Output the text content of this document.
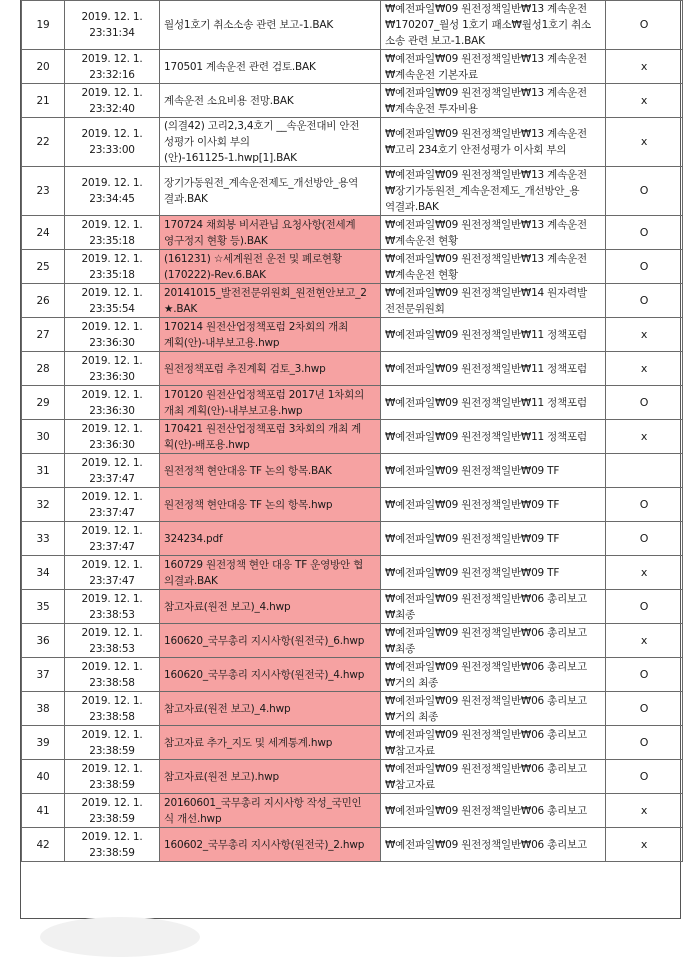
19	2019. 12. 1.
23:31:34	월성1호기 취소소송 관련 보고-1.BAK	₩예전파일₩09 원전정책일반₩13 계속운전
₩170207_월성 1호기 패소₩월성1호기 취소
소송 관련 보고-1.BAK	O
20	2019. 12. 1.
23:32:16	170501 계속운전 관련 검토.BAK	₩예전파일₩09 원전정책일반₩13 계속운전
₩계속운전 기본자료	x
21	2019. 12. 1.
23:32:40	계속운전 소요비용 전망.BAK	₩예전파일₩09 원전정책일반₩13 계속운전
₩계속운전 투자비용	x
22	2019. 12. 1.
23:33:00	(의결42) 고리2,3,4호기 __속운전대비 안전
성평가 이사회 부의
(안)-161125-1.hwp[1].BAK	₩예전파일₩09 원전정책일반₩13 계속운전
₩고리 234호기 안전성평가 이사회 부의	x
23	2019. 12. 1.
23:34:45	장기가동원전_계속운전제도_개선방안_용역
결과.BAK	₩예전파일₩09 원전정책일반₩13 계속운전
₩장기가동원전_계속운전제도_개선방안_용
역결과.BAK	O
24	2019. 12. 1.
23:35:18	170724 채희봉 비서관님 요청사항(전세계
영구정지 현황 등).BAK	₩예전파일₩09 원전정책일반₩13 계속운전
₩계속운전 현황	O
25	2019. 12. 1.
23:35:18	(161231) ☆세계원전 운전 및 폐로현황
(170222)-Rev.6.BAK	₩예전파일₩09 원전정책일반₩13 계속운전
₩계속운전 현황	O
26	2019. 12. 1.
23:35:54	20141015_발전전문위원회_원전현안보고_2
★.BAK	₩예전파일₩09 원전정책일반₩14 원자력발
전전문위원회	O
27	2019. 12. 1.
23:36:30	170214 원전산업정책포럼 2차회의 개최
계획(안)-내부보고용.hwp	₩예전파일₩09 원전정책일반₩11 정책포럼	x
28	2019. 12. 1.
23:36:30	원전정책포럼 추진계획 검토_3.hwp	₩예전파일₩09 원전정책일반₩11 정책포럼	x
29	2019. 12. 1.
23:36:30	170120 원전산업정책포럼 2017년 1차회의
개최 계획(안)-내부보고용.hwp	₩예전파일₩09 원전정책일반₩11 정책포럼	O
30	2019. 12. 1.
23:36:30	170421 원전산업정책포럼 3차회의 개최 계
획(안)-배포용.hwp	₩예전파일₩09 원전정책일반₩11 정책포럼	x
31	2019. 12. 1.
23:37:47	원전정책 현안대응 TF 논의 항목.BAK	₩예전파일₩09 원전정책일반₩09 TF	
32	2019. 12. 1.
23:37:47	원전정책 현안대응 TF 논의 항목.hwp	₩예전파일₩09 원전정책일반₩09 TF	O
33	2019. 12. 1.
23:37:47	324234.pdf	₩예전파일₩09 원전정책일반₩09 TF	O
34	2019. 12. 1.
23:37:47	160729 원전정책 현안 대응 TF 운영방안 협
의결과.BAK	₩예전파일₩09 원전정책일반₩09 TF	x
35	2019. 12. 1.
23:38:53	참고자료(원전 보고)_4.hwp	₩예전파일₩09 원전정책일반₩06 총리보고
₩최종	O
36	2019. 12. 1.
23:38:53	160620_국무총리 지시사항(원전국)_6.hwp	₩예전파일₩09 원전정책일반₩06 총리보고
₩최종	x
37	2019. 12. 1.
23:38:58	160620_국무총리 지시사항(원전국)_4.hwp	₩예전파일₩09 원전정책일반₩06 총리보고
₩거의 최종	O
38	2019. 12. 1.
23:38:58	참고자료(원전 보고)_4.hwp	₩예전파일₩09 원전정책일반₩06 총리보고
₩거의 최종	O
39	2019. 12. 1.
23:38:59	참고자료 추가_지도 및 세계통계.hwp	₩예전파일₩09 원전정책일반₩06 총리보고
₩참고자료	O
40	2019. 12. 1.
23:38:59	참고자료(원전 보고).hwp	₩예전파일₩09 원전정책일반₩06 총리보고
₩참고자료	O
41	2019. 12. 1.
23:38:59	20160601_국무총리 지시사항 작성_국민인
식 개선.hwp	₩예전파일₩09 원전정책일반₩06 총리보고	x
42	2019. 12. 1.
23:38:59	160602_국무총리 지시사항(원전국)_2.hwp	₩예전파일₩09 원전정책일반₩06 총리보고	x
